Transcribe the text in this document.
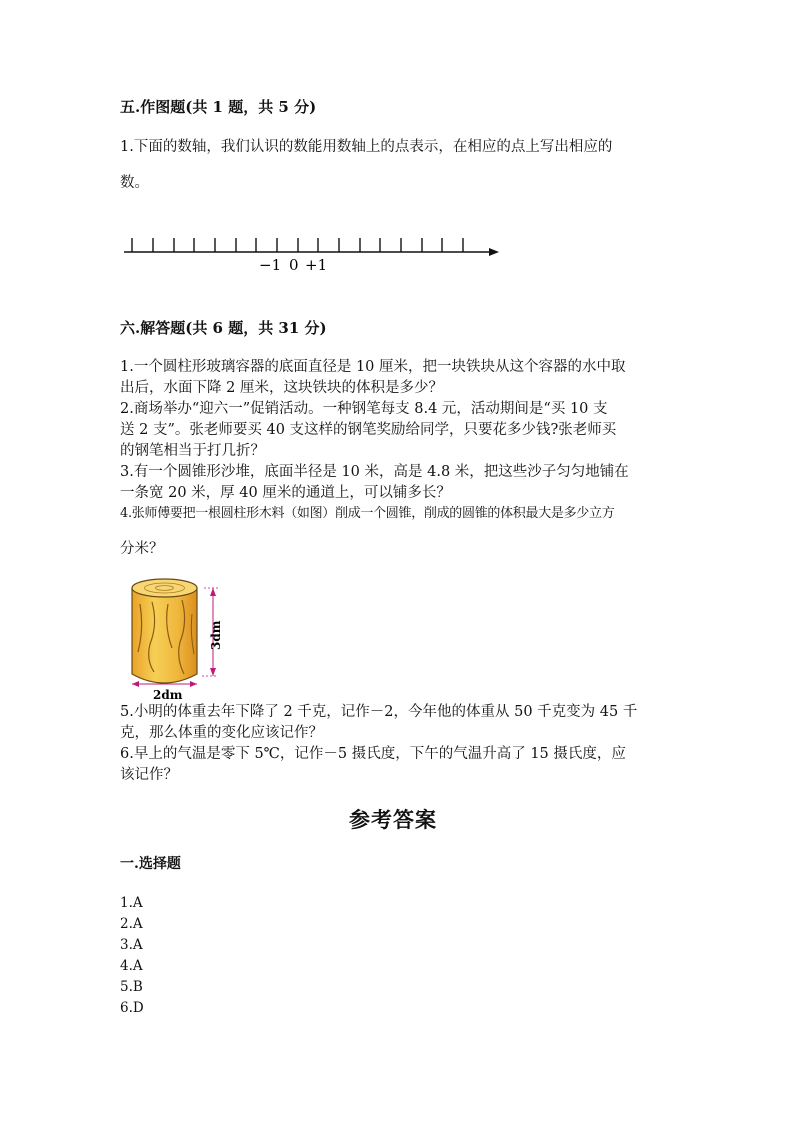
五.作图题(共 1 题，共 5 分)
1.下面的数轴，我们认识的数能用数轴上的点表示，在相应的点上写出相应的
数。
−1 0 +1
六.解答题(共 6 题，共 31 分)
1.一个圆柱形玻璃容器的底面直径是 10 厘米，把一块铁块从这个容器的水中取
出后，水面下降 2 厘米，这块铁块的体积是多少？
2.商场举办“迎六一”促销活动。一种钢笔每支 8.4 元，活动期间是“买 10 支
送 2 支”。张老师要买 40 支这样的钢笔奖励给同学，只要花多少钱?张老师买
的钢笔相当于打几折？
3.有一个圆锥形沙堆，底面半径是 10 米，高是 4.8 米，把这些沙子匀匀地铺在
一条宽 20 米，厚 40 厘米的通道上，可以铺多长？
4.张师傅要把一根圆柱形木料（如图）削成一个圆锥，削成的圆锥的体积最大是多少立方
分米？
3dm
2dm
5.小明的体重去年下降了 2 千克，记作－2，今年他的体重从 50 千克变为 45 千
克，那么体重的变化应该记作？
6.早上的气温是零下 5℃，记作－5 摄氏度，下午的气温升高了 15 摄氏度，应
该记作？
参考答案
一.选择题
1.A
2.A
3.A
4.A
5.B
6.D
